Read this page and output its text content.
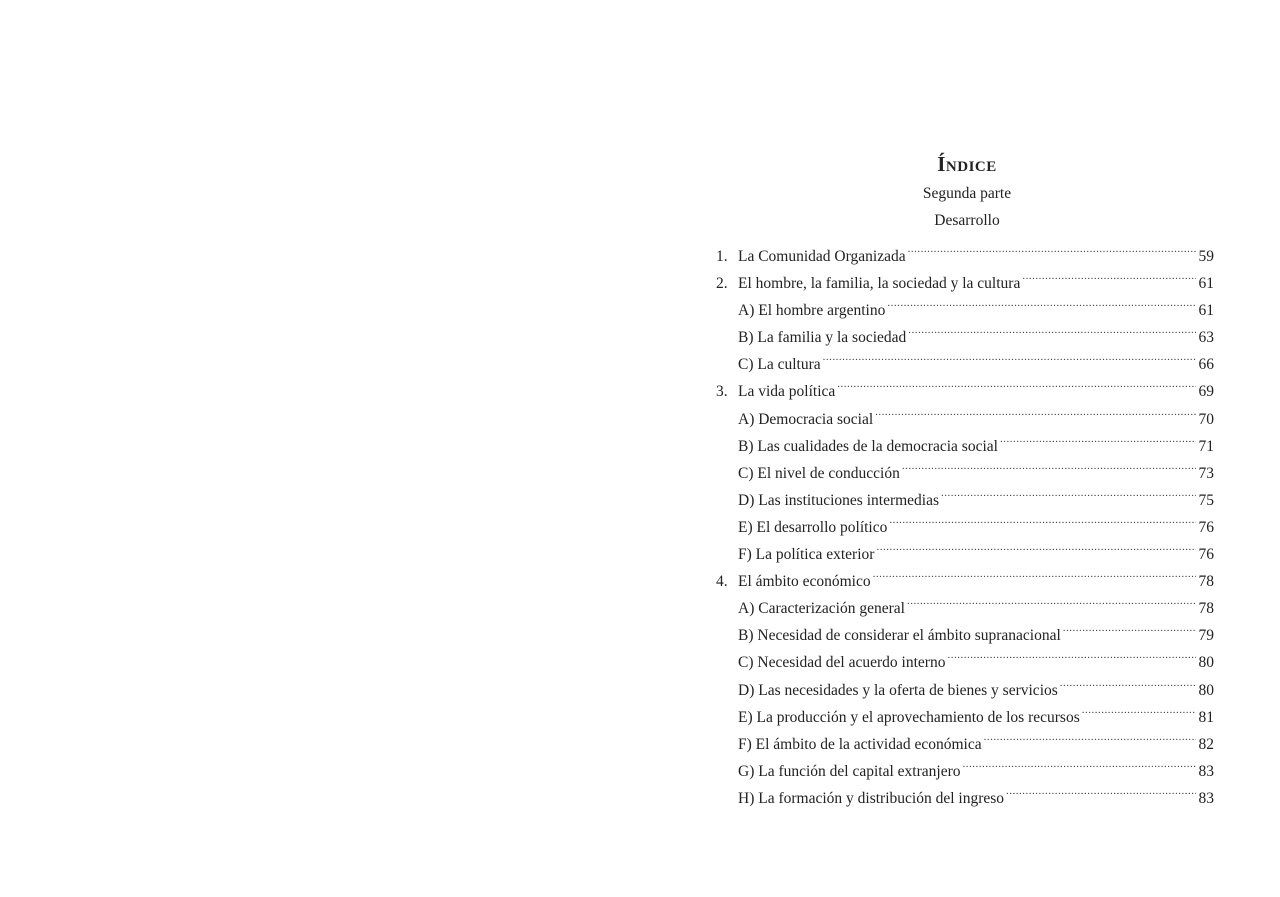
Índice
Segunda parte
Desarrollo
1. La Comunidad Organizada .....	59
2. El hombre, la familia, la sociedad y la cultura .....	61
A) El hombre argentino .....	61
B) La familia y la sociedad .....	63
C) La cultura .....	66
3. La vida política .....	69
A) Democracia social .....	70
B) Las cualidades de la democracia social .....	71
C) El nivel de conducción .....	73
D) Las instituciones intermedias .....	75
E) El desarrollo político .....	76
F) La política exterior .....	76
4. El ámbito económico .....	78
A) Caracterización general .....	78
B) Necesidad de considerar el ámbito supranacional .....	79
C) Necesidad del acuerdo interno .....	80
D) Las necesidades y la oferta de bienes y servicios .....	80
E) La producción y el aprovechamiento de los recursos .....	81
F) El ámbito de la actividad económica .....	82
G) La función del capital extranjero .....	83
H) La formación y distribución del ingreso .....	83
